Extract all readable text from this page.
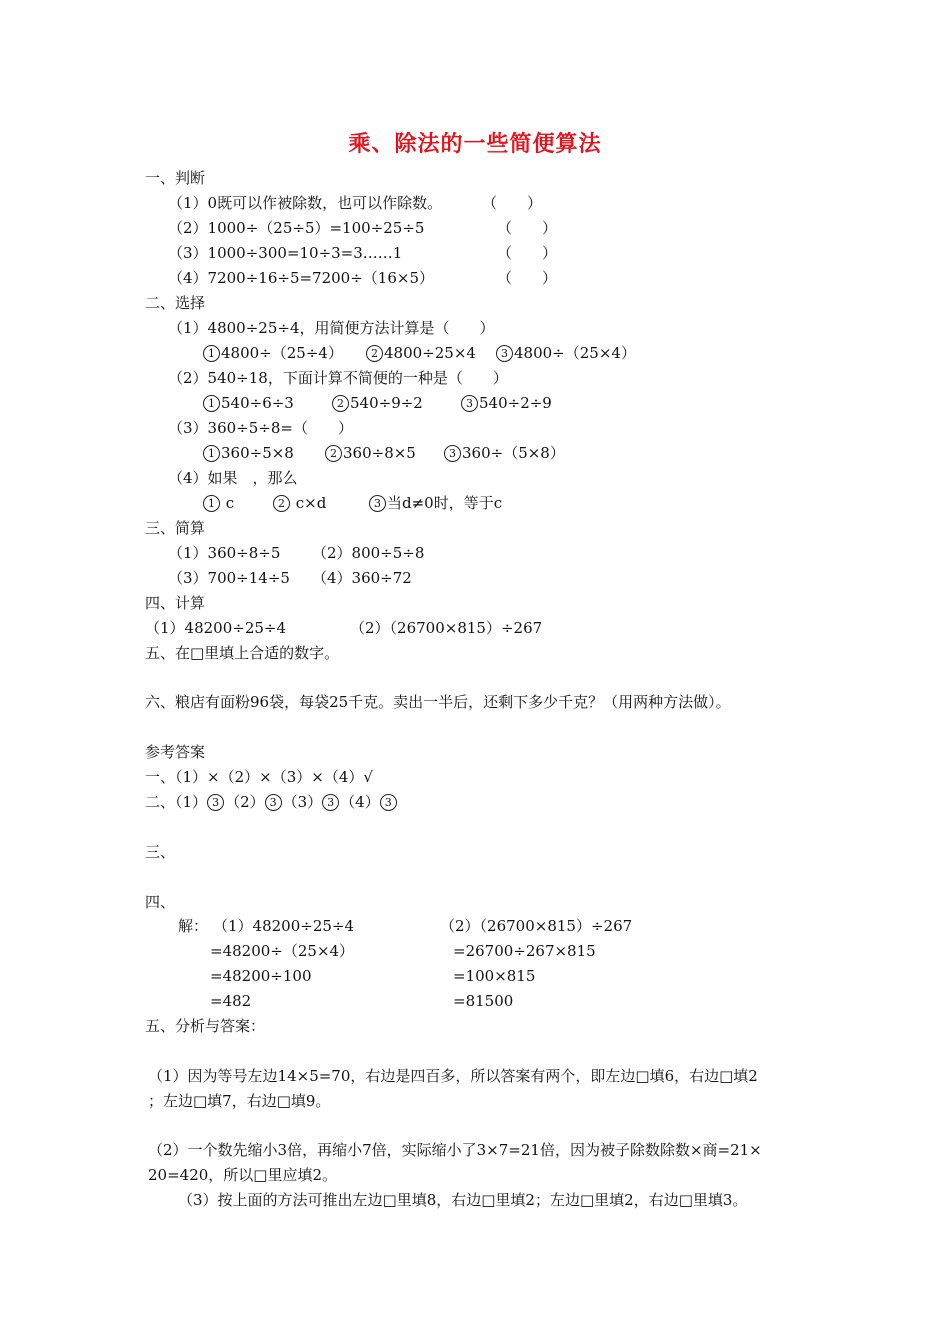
乘、除法的一些简便算法
一、判断
（1）0既可以作被除数，也可以作除数。	（　　）
（2）1000÷（25÷5）=100÷25÷5	（　　）
（3）1000÷300=10÷3=3……1	（　　）
（4）7200÷16÷5=7200÷（16×5）	（　　）
二、选择
（1）4800÷25÷4，用简便方法计算是（　　）
1 4800÷（25÷4）	2 4800÷25×4	3 4800÷（25×4）
（2）540÷18，下面计算不简便的一种是（　　）
1 540÷6÷3	2 540÷9÷2	3 540÷2÷9
（3）360÷5÷8=（　　）
1 360÷5×8	2 360÷8×5	3 360÷（5×8）
（4）如果　，那么
1 c	2 c×d	3 当d≠0时，等于c
三、简算
（1）360÷8÷5 （2）800÷5÷8
（3）700÷14÷5 （4）360÷72
四、计算
（1）48200÷25÷4	（2）（26700×815）÷267
五、在□里填上合适的数字。
六、粮店有面粉96袋，每袋25千克。卖出一半后，还剩下多少千克？（用两种方法做）。
参考答案
一、（1）×（2）×（3）×（4）√
二、（1） 3 （2） 3 （3） 3 （4） 3
三、
四、
解： （1）48200÷25÷4
=48200÷（25×4）
=48200÷100
=482
（2）（26700×815）÷267
=26700÷267×815
=100×815
=81500
五、分析与答案：
（1）因为等号左边14×5=70，右边是四百多，所以答案有两个，即左边□填6，右边□填2
；左边□填7，右边□填9。
（2）一个数先缩小3倍，再缩小7倍，实际缩小了3×7=21倍，因为被子除数除数×商=21×
20=420，所以□里应填2。
（3）按上面的方法可推出左边□里填8，右边□里填2；左边□里填2，右边□里填3。
